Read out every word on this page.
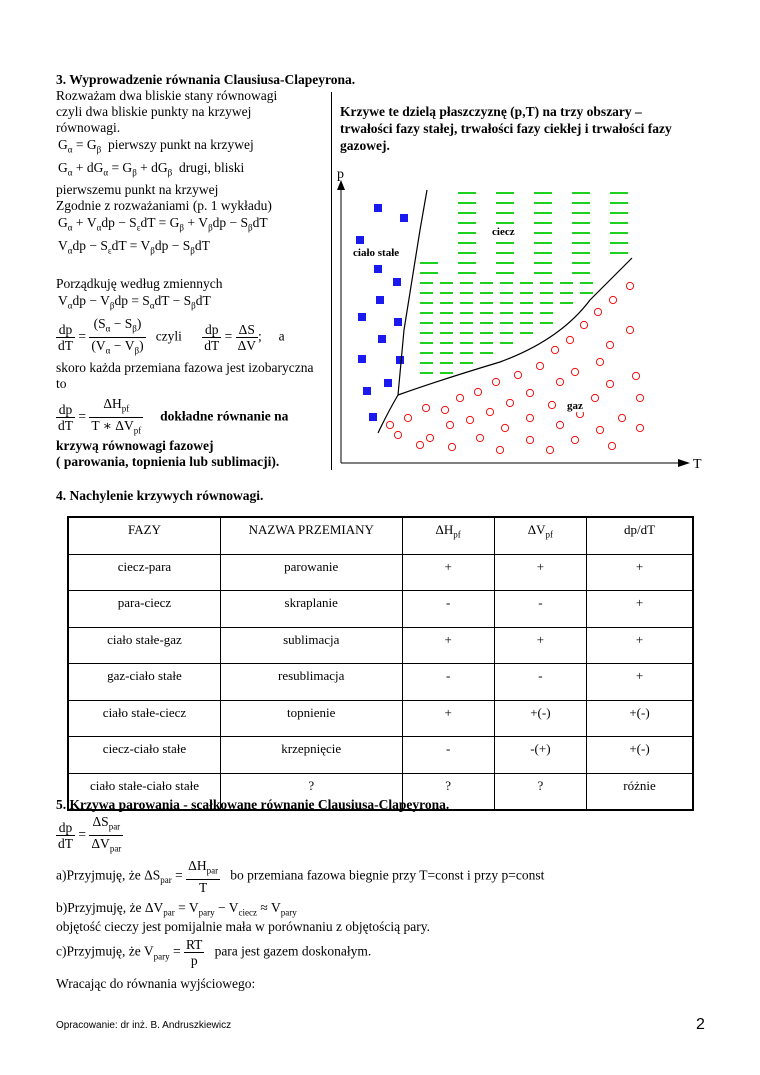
3. Wyprowadzenie równania Clausiusa-Clapeyrona.
Rozważam dwa bliskie stany równowagi
czyli dwa bliskie punkty na krzywej
równowagi.
$G_\alpha = G_\beta$ pierwszy punkt na krzywej
$G_\alpha + dG_\alpha = G_\beta + dG_\beta$ drugi, bliski
pierwszemu punkt na krzywej
Zgodnie z rozważaniami (p. 1 wykładu)
$G_\alpha + V_\alpha dp - S_\varepsilon dT = G_\beta + V_\beta dp - S_\beta dT$
$V_\alpha dp - S_\varepsilon dT = V_\beta dp - S_\beta dT$
Porządkuję według zmiennych
$V_\alpha dp - V_\beta dp = S_\alpha dT - S_\beta dT$
$\frac{dp}{dT} = \frac{(S_\alpha - S_\beta)}{(V_\alpha - V_\beta)}$ czyli $\frac{dp}{dT} = \frac{\Delta S}{\Delta V}$ ;     a
skoro każda przemiana fazowa jest izobaryczna
to
$\frac{dp}{dT} = \frac{\Delta H_{pf}}{T ∗ \Delta V_{pf}}$ dokładne równanie na
krzywą równowagi fazowej
( parowania, topnienia lub sublimacji).
Krzywe te dzielą płaszczyznę (p,T) na trzy obszary –
trwałości fazy stałej, trwałości fazy ciekłej i trwałości fazy
gazowej.
p
T
ciecz
ciało stałe
gaz
4. Nachylenie krzywych równowagi.
FAZY	NAZWA PRZEMIANY	$\Delta H_{pf}$	$\Delta V_{pf}$	dp/dT
ciecz-para	parowanie	+	+	+
para-ciecz	skraplanie	-	-	+
ciało stałe-gaz	sublimacja	+	+	+
gaz-ciało stałe	resublimacja	-	-	+
ciało stałe-ciecz	topnienie	+	+(-)	+(-)
ciecz-ciało stałe	krzepnięcie	-	-(+)	+(-)
ciało stałe-ciało stałe	?	?	?	różnie
5. Krzywa parowania - scałkowane równanie Clausiusa-Clapeyrona.
$\frac{dp}{dT} = \frac{\Delta S_{par}}{\Delta V_{par}}$
a)Przyjmuję, że $\Delta S_{par} = \frac{\Delta H_{par}}{T}$ bo przemiana fazowa biegnie przy T=const i przy p=const
b)Przyjmuję, że $\Delta V_{par} = V_{pary} - V_{ciecz} \approx V_{pary}$
objętość cieczy jest pomijalnie mała w porównaniu z objętością pary.
c)Przyjmuję, że $V_{pary} = \frac{RT}{p}$ para jest gazem doskonałym.
Wracając do równania wyjściowego:
Opracowanie: dr inż. B. Andruszkiewicz	2
